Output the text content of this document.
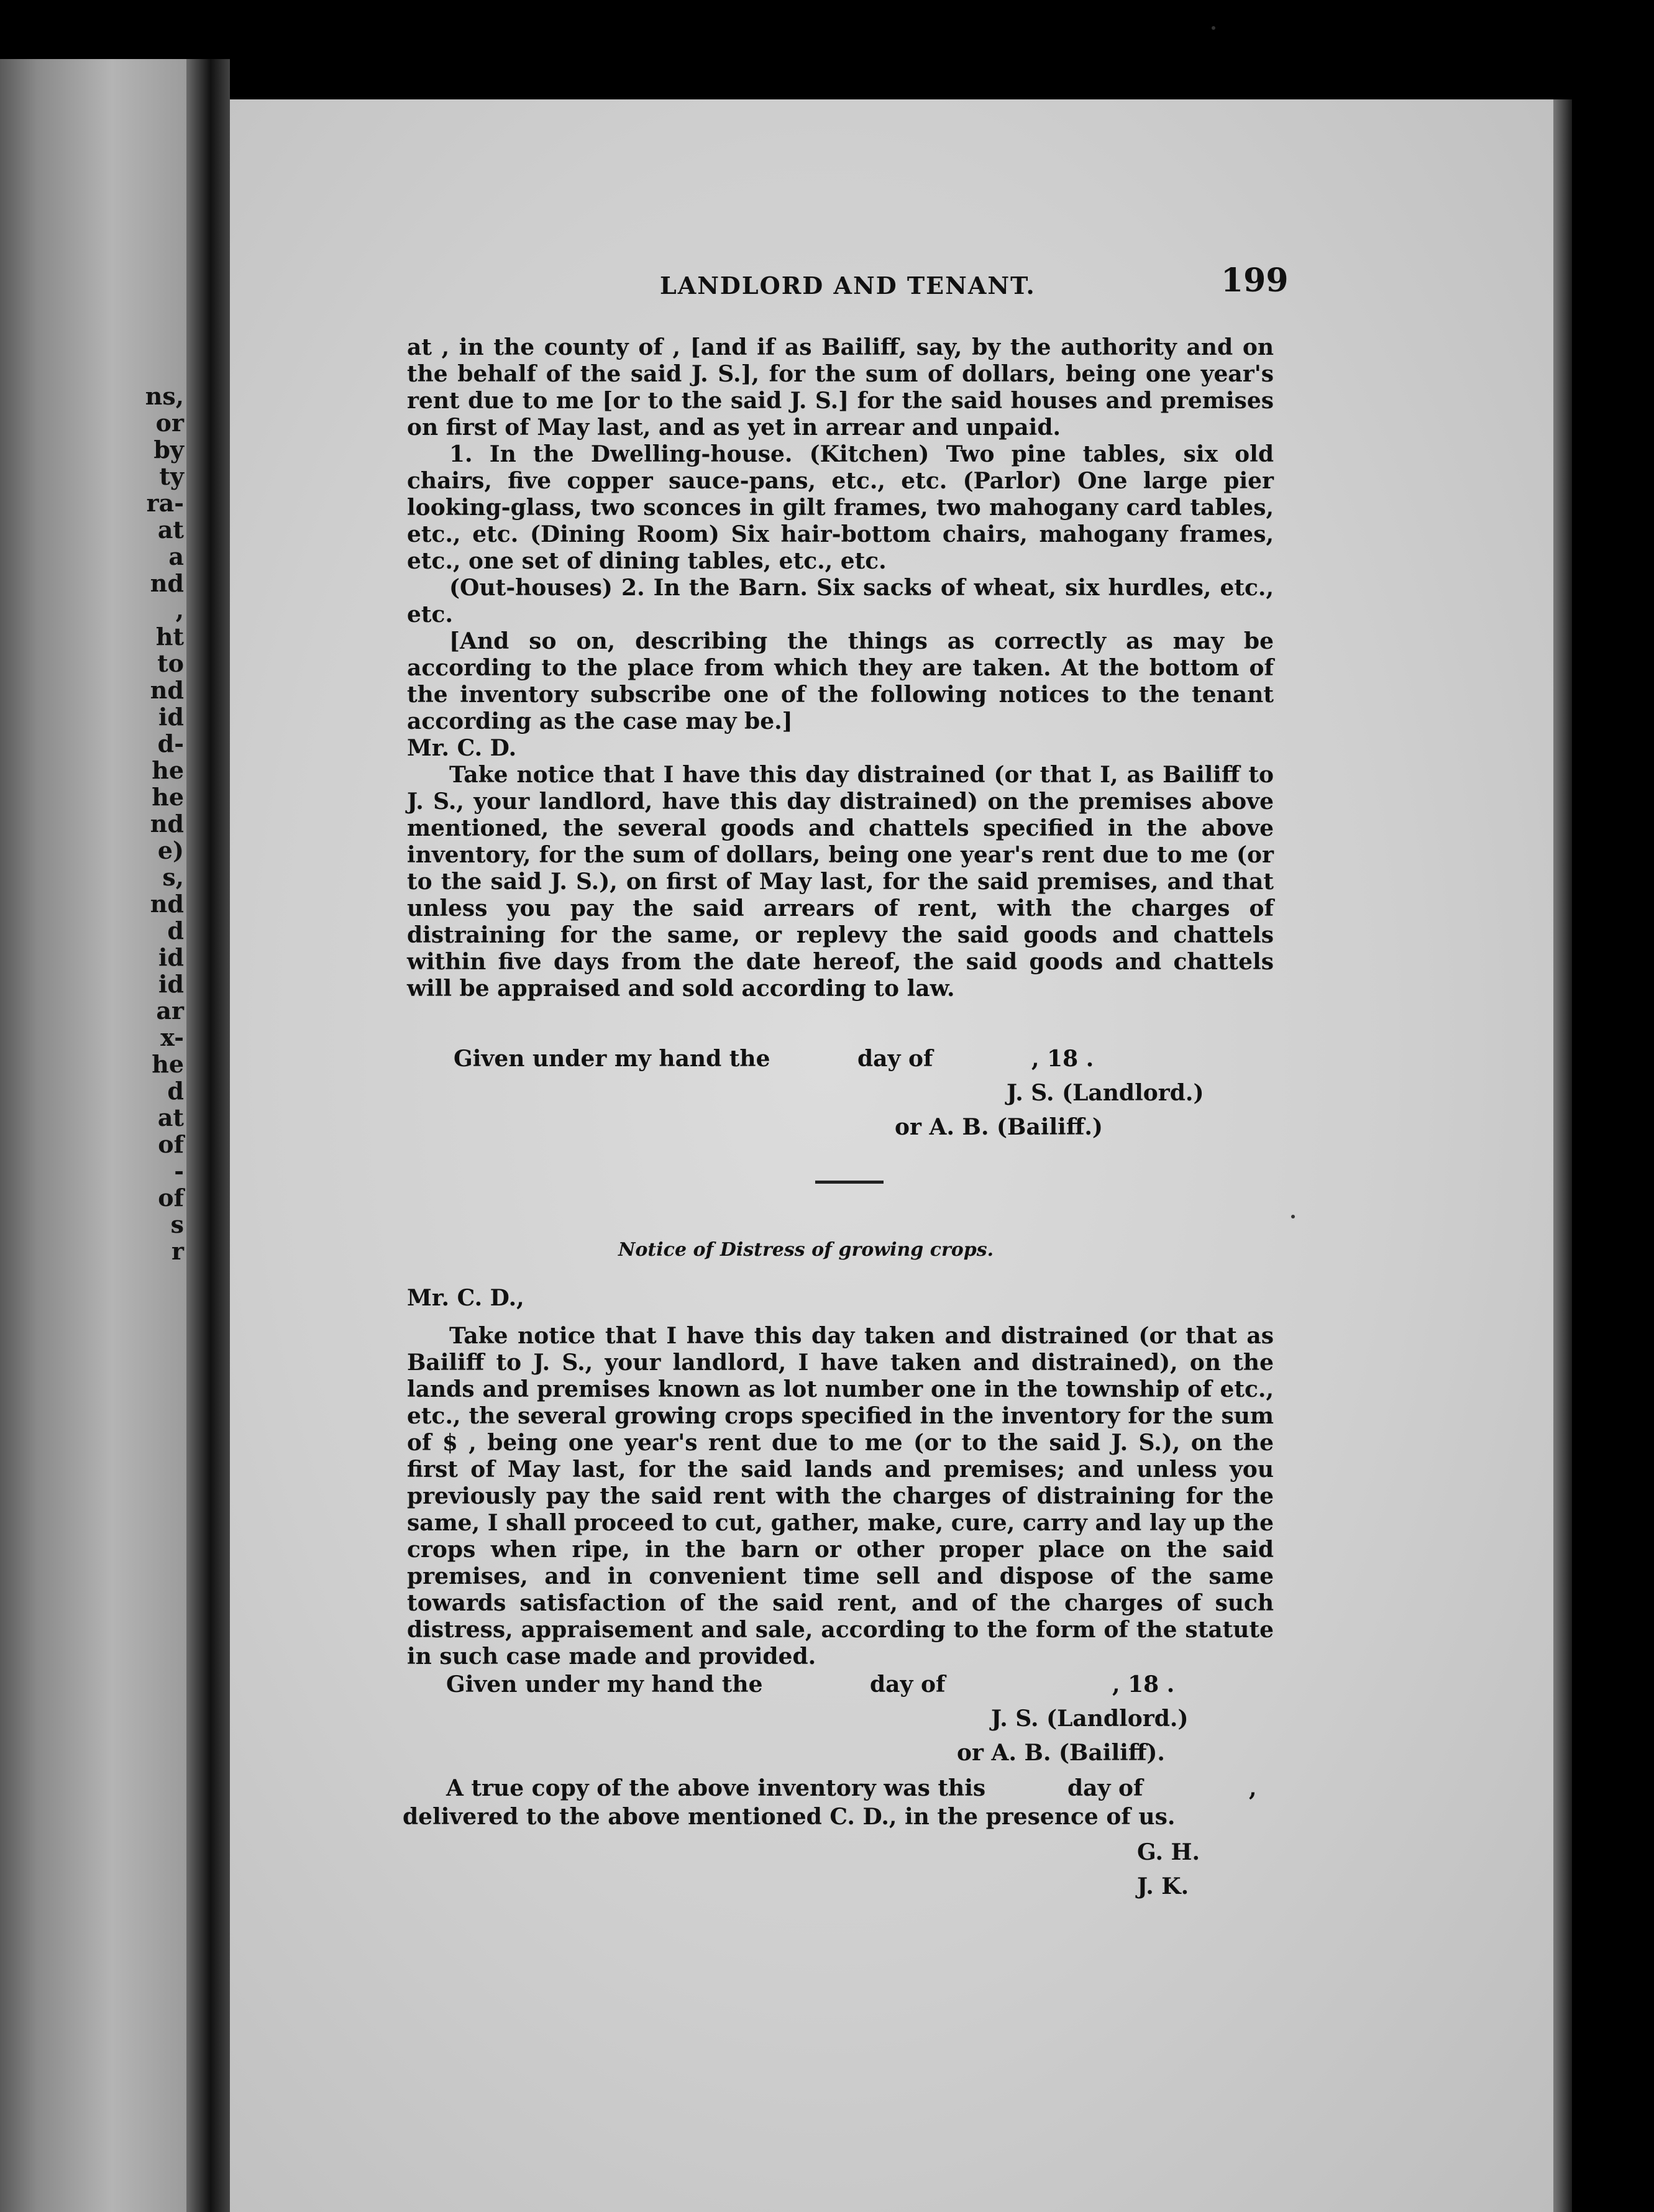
ns,
or
by
ty
ra-
at
a
nd
,
ht
to
nd
id
d-
he
he
nd
e)
s,
nd
d
id
id
ar
x-
he
d
at
of
-
of
s
r
LANDLORD AND TENANT.	199

at , in the county of , [and if as Bailiff, say, by the authority and on the behalf of the said J. S.], for the sum of dollars, being one year's rent due to me [or to the said J. S.] for the said houses and premises on first of May last, and as yet in arrear and unpaid.

1. In the Dwelling-house. (Kitchen) Two pine tables, six old chairs, five copper sauce-pans, etc., etc. (Parlor) One large pier looking-glass, two sconces in gilt frames, two mahogany card tables, etc., etc. (Dining Room) Six hair-bottom chairs, mahogany frames, etc., one set of dining tables, etc., etc.

(Out-houses) 2. In the Barn. Six sacks of wheat, six hurdles, etc., etc.

[And so on, describing the things as correctly as may be according to the place from which they are taken. At the bottom of the inventory subscribe one of the following notices to the tenant according as the case may be.]

Mr. C. D.

Take notice that I have this day distrained (or that I, as Bailiff to J. S., your landlord, have this day distrained) on the premises above mentioned, the several goods and chattels specified in the above inventory, for the sum of dollars, being one year's rent due to me (or to the said J. S.), on first of May last, for the said premises, and that unless you pay the said arrears of rent, with the charges of distraining for the same, or replevy the said goods and chattels within five days from the date hereof, the said goods and chattels will be appraised and sold according to law.

Given under my hand the	day of	, 18 .
J. S. (Landlord.)
or A. B. (Bailiff.)
Notice of Distress of growing crops.

Mr. C. D.,

Take notice that I have this day taken and distrained (or that as Bailiff to J. S., your landlord, I have taken and distrained), on the lands and premises known as lot number one in the township of etc., etc., the several growing crops specified in the inventory for the sum of $ , being one year's rent due to me (or to the said J. S.), on the first of May last, for the said lands and premises; and unless you previously pay the said rent with the charges of distraining for the same, I shall proceed to cut, gather, make, cure, carry and lay up the crops when ripe, in the barn or other proper place on the said premises, and in convenient time sell and dispose of the same towards satisfaction of the said rent, and of the charges of such distress, appraisement and sale, according to the form of the statute in such case made and provided.

Given under my hand the	day of	, 18 .
J. S. (Landlord.)
or A. B. (Bailiff).
A true copy of the above inventory was this	day of	,
delivered to the above mentioned C. D., in the presence of us.
G. H.
J. K.
